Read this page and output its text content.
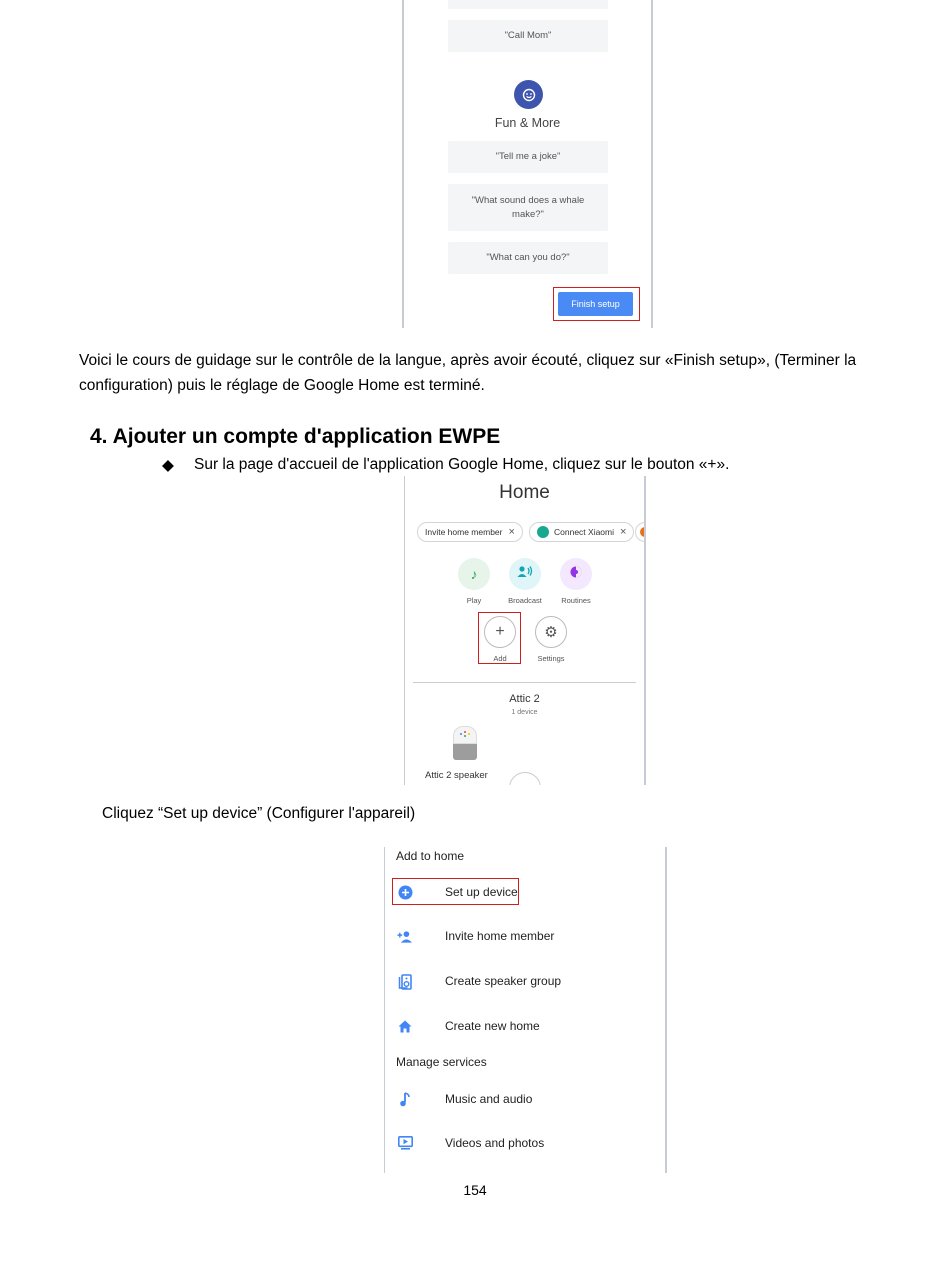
"Call Mom"
Fun & More
"Tell me a joke"
"What sound does a whale make?"
"What can you do?"
Finish setup
Voici le cours de guidage sur le contrôle de la langue, après avoir écouté, cliquez sur «Finish setup», (Terminer la configuration) puis le réglage de Google Home est terminé.
4. Ajouter un compte d'application EWPE
◆ Sur la page d'accueil de l'application Google Home, cliquez sur le bouton «+».
Home
Invite home member ×	Connect Xiaomi ×
♪
Play	Broadcast	Routines
+
Add
⚙
Settings
Attic 2
1 device
Attic 2 speaker
Cliquez “Set up device” (Configurer l'appareil)
Add to home
Set up device
Invite home member
Create speaker group
Create new home
Manage services
Music and audio
Videos and photos
154
